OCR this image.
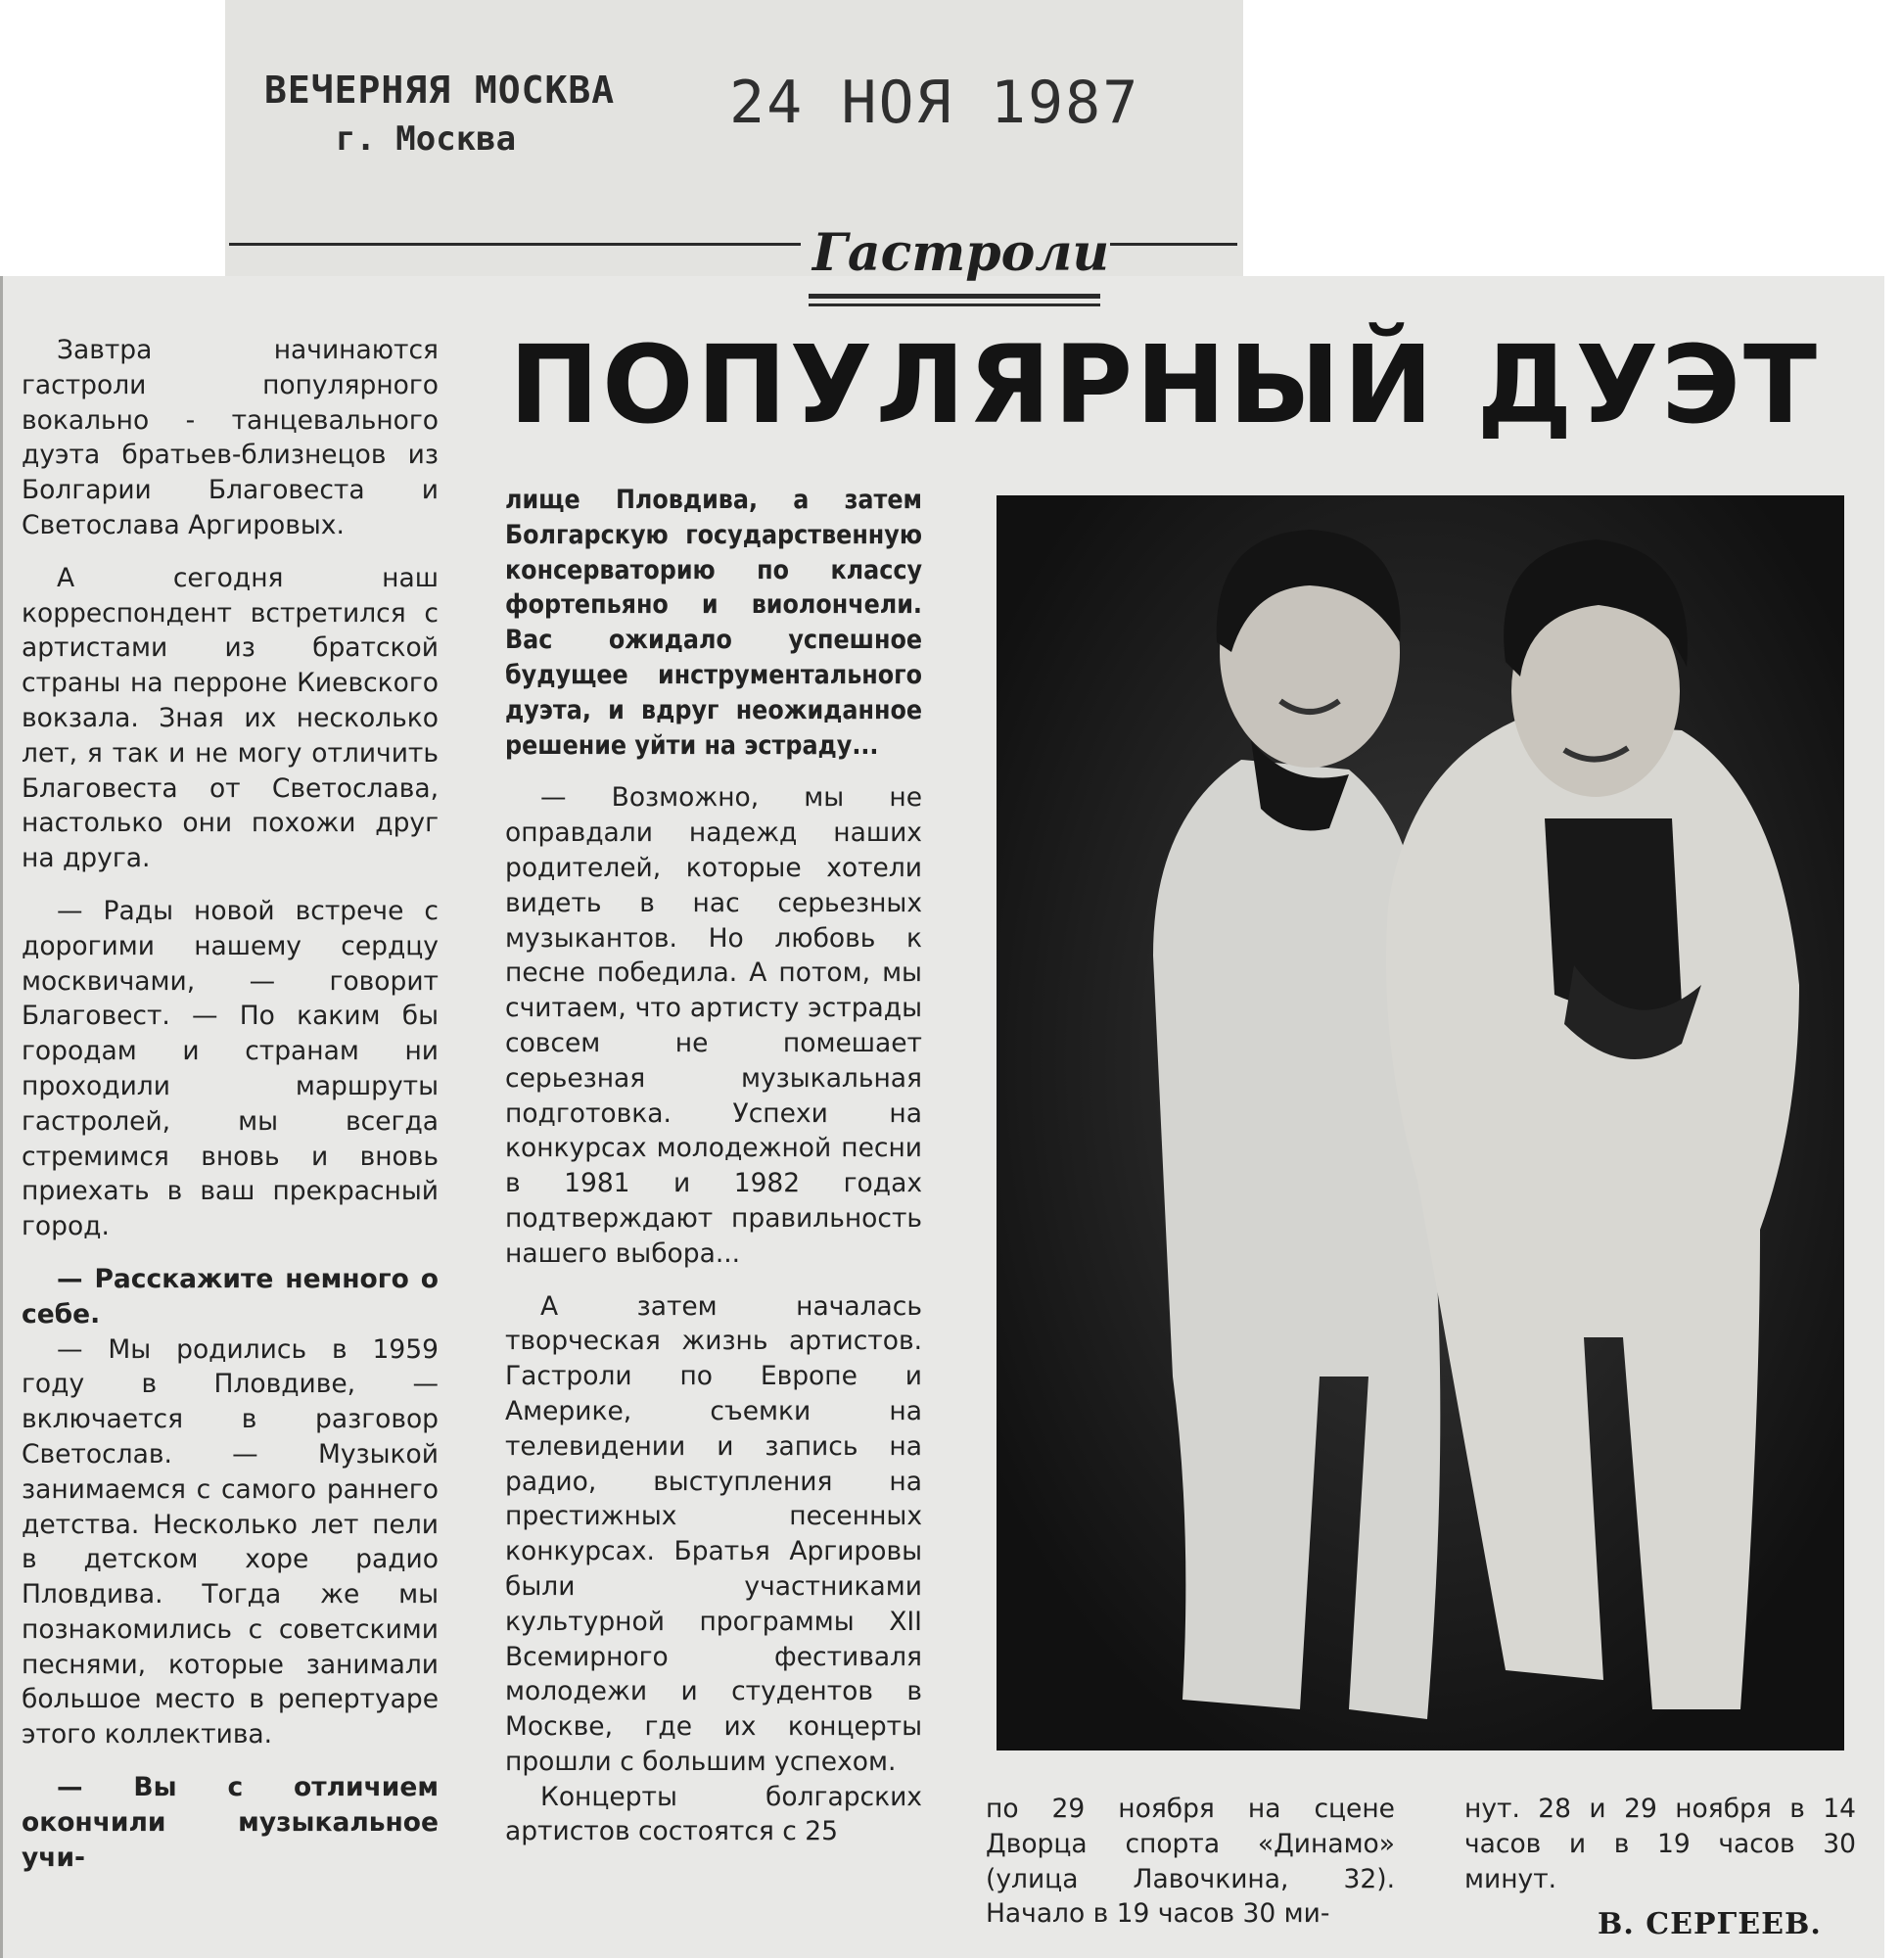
ВЕЧЕРНЯЯ МОСКВА
г. Москва
24 НОЯ 1987
Гастроли
ПОПУЛЯРНЫЙ ДУЭТ

Завтра начинаются гастроли популярного вокально - танцевального дуэта братьев-близнецов из Болгарии Благовеста и Светослава Аргировых.

А сегодня наш корреспондент встретился с артистами из братской страны на перроне Киевского вокзала. Зная их несколько лет, я так и не могу отличить Благовеста от Светослава, настолько они похожи друг на друга.

— Рады новой встрече с дорогими нашему сердцу москвичами, — говорит Благовест. — По каким бы городам и странам ни проходили маршруты гастролей, мы всегда стремимся вновь и вновь приехать в ваш прекрасный город.

— Расскажите немного о себе.

— Мы родились в 1959 году в Пловдиве, — включается в разговор Светослав. — Музыкой занимаемся с самого раннего детства. Несколько лет пели в детском хоре радио Пловдива. Тогда же мы познакомились с советскими песнями, которые занимали большое место в репертуаре этого коллектива.

— Вы с отличием окончили музыкальное учи-

лище Пловдива, а затем Болгарскую государственную консерваторию по классу фортепьяно и виолончели. Вас ожидало успешное будущее инструментального дуэта, и вдруг неожиданное решение уйти на эстраду...

— Возможно, мы не оправдали надежд наших родителей, которые хотели видеть в нас серьезных музыкантов. Но любовь к песне победила. А потом, мы считаем, что артисту эстрады совсем не помешает серьезная музыкальная подготовка. Успехи на конкурсах молодежной песни в 1981 и 1982 годах подтверждают правильность нашего выбора...

А затем началась творческая жизнь артистов. Гастроли по Европе и Америке, съемки на телевидении и запись на радио, выступления на престижных песенных конкурсах. Братья Аргировы были участниками культурной программы XII Всемирного фестиваля молодежи и студентов в Москве, где их концерты прошли с большим успехом.

Концерты болгарских артистов состоятся с 25

по 29 ноября на сцене Дворца спорта «Динамо» (улица Лавочкина, 32). Начало в 19 часов 30 ми-
нут. 28 и 29 ноября в 14 часов и в 19 часов 30 минут.
В. СЕРГЕЕВ.
